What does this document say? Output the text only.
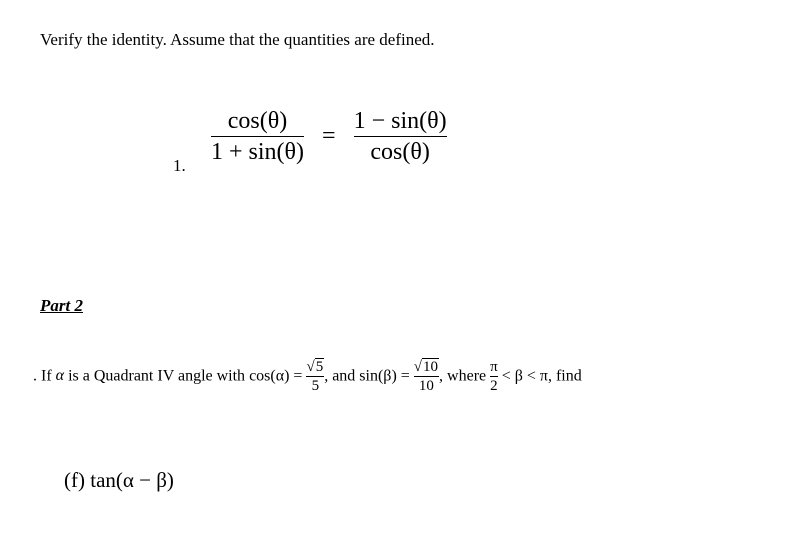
Verify the identity. Assume that the quantities are defined.
1. $\frac{\cos(\theta)}{1 + \sin(\theta)} = \frac{1 - \sin(\theta)}{\cos(\theta)}$
Part 2
. If α is a Quadrant IV angle with $\cos(\alpha) = \frac{√5}{5}$ , and $\sin(\beta) = \frac{√10}{10}$ , where $\frac{\pi}{2} < \beta < \pi$, find
(f) tan(α − β)
